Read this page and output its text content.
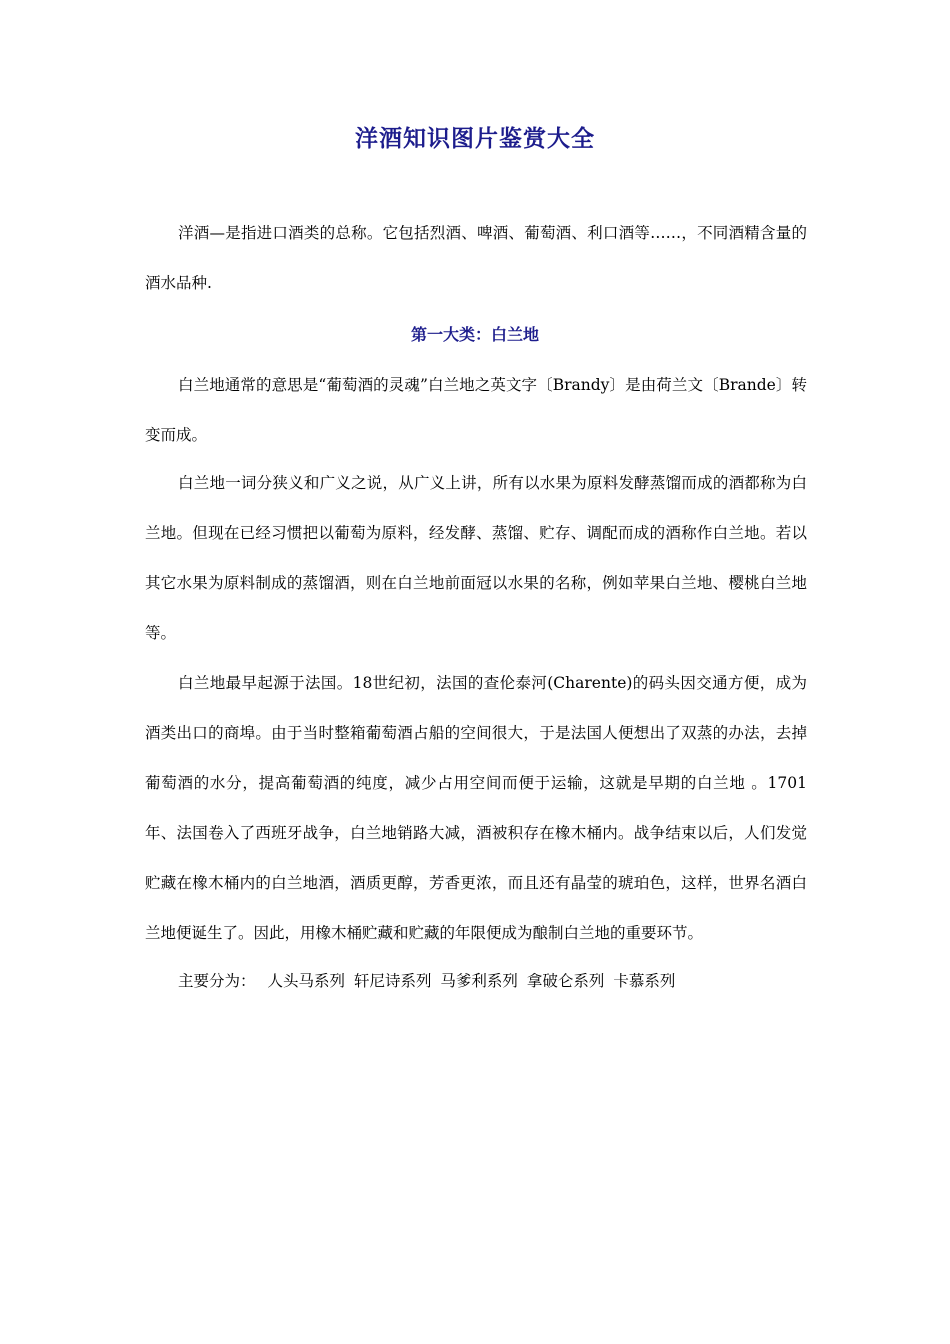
洋酒知识图片鉴赏大全
洋酒—是指进口酒类的总称。它包括烈酒、啤酒、葡萄酒、利口酒等……，不同酒精含量的酒水品种.
第一大类：白兰地
白兰地通常的意思是“葡萄酒的灵魂”白兰地之英文字〔Brandy〕是由荷兰文〔Brande〕转变而成。
白兰地一词分狭义和广义之说，从广义上讲，所有以水果为原料发酵蒸馏而成的酒都称为白兰地。但现在已经习惯把以葡萄为原料，经发酵、蒸馏、贮存、调配而成的酒称作白兰地。若以其它水果为原料制成的蒸馏酒，则在白兰地前面冠以水果的名称，例如苹果白兰地、樱桃白兰地等。
白兰地最早起源于法国。18世纪初，法国的查伦泰河(Charente)的码头因交通方便，成为酒类出口的商埠。由于当时整箱葡萄酒占船的空间很大，于是法国人便想出了双蒸的办法，去掉葡萄酒的水分，提高葡萄酒的纯度，减少占用空间而便于运输，这就是早期的白兰地 。1701年、法国卷入了西班牙战争，白兰地销路大减，酒被积存在橡木桶内。战争结束以后，人们发觉贮藏在橡木桶内的白兰地酒，酒质更醇，芳香更浓，而且还有晶莹的琥珀色，这样，世界名酒白兰地便诞生了。因此，用橡木桶贮藏和贮藏的年限便成为酿制白兰地的重要环节。
主要分为： 人头马系列 轩尼诗系列 马爹利系列 拿破仑系列 卡慕系列
